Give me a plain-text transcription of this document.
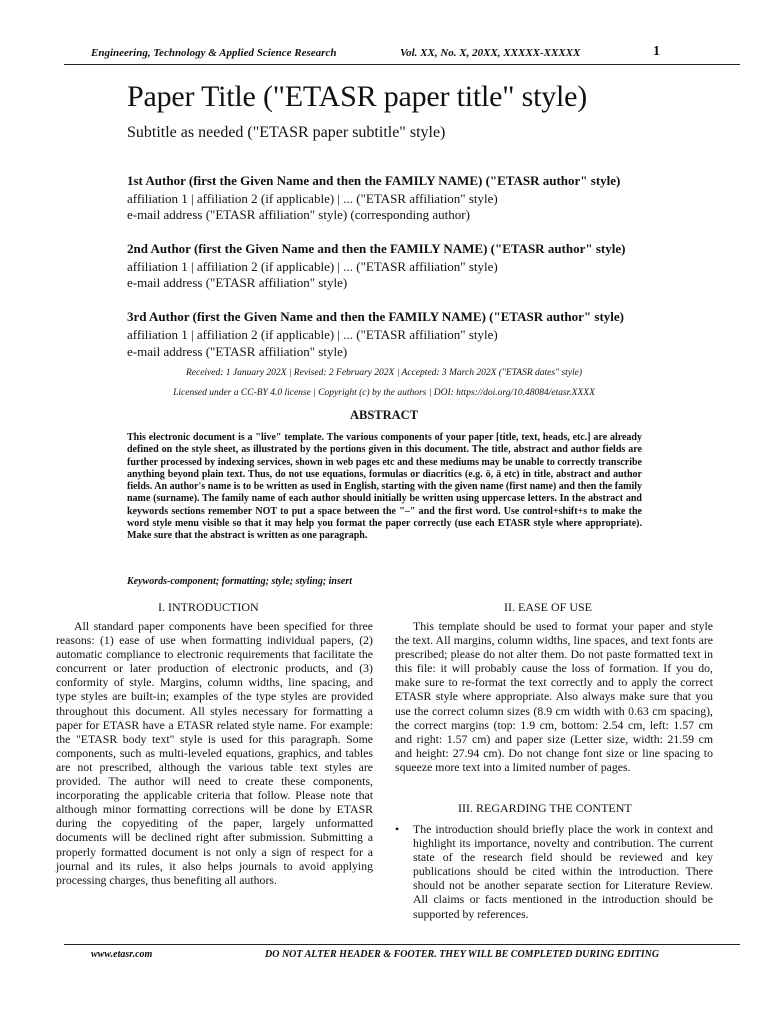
Engineering, Technology & Applied Science Research	Vol. XX, No. X, 20XX, XXXXX-XXXXX	1
Paper Title ("ETASR paper title" style)
Subtitle as needed ("ETASR paper subtitle" style)
1st Author (first the Given Name and then the FAMILY NAME) ("ETASR author" style)
affiliation 1 | affiliation 2 (if applicable) | ... ("ETASR affiliation" style)
e-mail address ("ETASR affiliation" style) (corresponding author)
2nd Author (first the Given Name and then the FAMILY NAME) ("ETASR author" style)
affiliation 1 | affiliation 2 (if applicable) | ... ("ETASR affiliation" style)
e-mail address ("ETASR affiliation" style)
3rd Author (first the Given Name and then the FAMILY NAME) ("ETASR author" style)
affiliation 1 | affiliation 2 (if applicable) | ... ("ETASR affiliation" style)
e-mail address ("ETASR affiliation" style)
Received: 1 January 202X | Revised: 2 February 202X | Accepted: 3 March 202X ("ETASR dates" style)
Licensed under a CC-BY 4.0 license | Copyright (c) by the authors | DOI: https://doi.org/10.48084/etasr.XXXX
ABSTRACT
This electronic document is a "live" template. The various components of your paper [title, text, heads, etc.] are already defined on the style sheet, as illustrated by the portions given in this document. The title, abstract and author fields are further processed by indexing services, shown in web pages etc and these mediums may be unable to correctly transcribe anything beyond plain text. Thus, do not use equations, formulas or diacritics (e.g. ö, ä etc) in title, abstract and author fields. An author's name is to be written as used in English, starting with the given name (first name) and then the family name (surname). The family name of each author should initially be written using uppercase letters. In the abstract and keywords sections remember NOT to put a space between the "–" and the first word. Use control+shift+s to make the word style menu visible so that it may help you format the paper correctly (use each ETASR style where appropriate). Make sure that the abstract is written as one paragraph.
Keywords-component; formatting; style; styling; insert
I. INTRODUCTION	II. EASE OF USE

All standard paper components have been specified for three reasons: (1) ease of use when formatting individual papers, (2) automatic compliance to electronic requirements that facilitate the concurrent or later production of electronic products, and (3) conformity of style. Margins, column widths, line spacing, and type styles are built-in; examples of the type styles are provided throughout this document. All styles necessary for formatting a paper for ETASR have a ETASR related style name. For example: the "ETASR body text" style is used for this paragraph. Some components, such as multi-leveled equations, graphics, and tables are not prescribed, although the various table text styles are provided. The author will need to create these components, incorporating the applicable criteria that follow. Please note that although minor formatting corrections will be done by ETASR during the copyediting of the paper, largely unformatted documents will be declined right after submission. Submitting a properly formatted document is not only a sign of respect for a journal and its rules, it also helps journals to avoid applying processing charges, thus benefiting all authors.

This template should be used to format your paper and style the text. All margins, column widths, line spaces, and text fonts are prescribed; please do not alter them. Do not paste formatted text in this file: it will probably cause the loss of formation. If you do, make sure to re-format the text correctly and to apply the correct ETASR style where appropriate. Also always make sure that you use the correct column sizes (8.9 cm width with 0.63 cm spacing), the correct margins (top: 1.9 cm, bottom: 2.54 cm, left: 1.57 cm and right: 1.57 cm) and paper size (Letter size, width: 21.59 cm and height: 27.94 cm). Do not change font size or line spacing to squeeze more text into a limited number of pages.

III. REGARDING THE CONTENT
•	The introduction should briefly place the work in context and highlight its importance, novelty and contribution. The current state of the research field should be reviewed and key publications should be cited within the introduction. There should not be another separate section for Literature Review. All claims or facts mentioned in the introduction should be supported by references.
www.etasr.com	DO NOT ALTER HEADER & FOOTER. THEY WILL BE COMPLETED DURING EDITING
